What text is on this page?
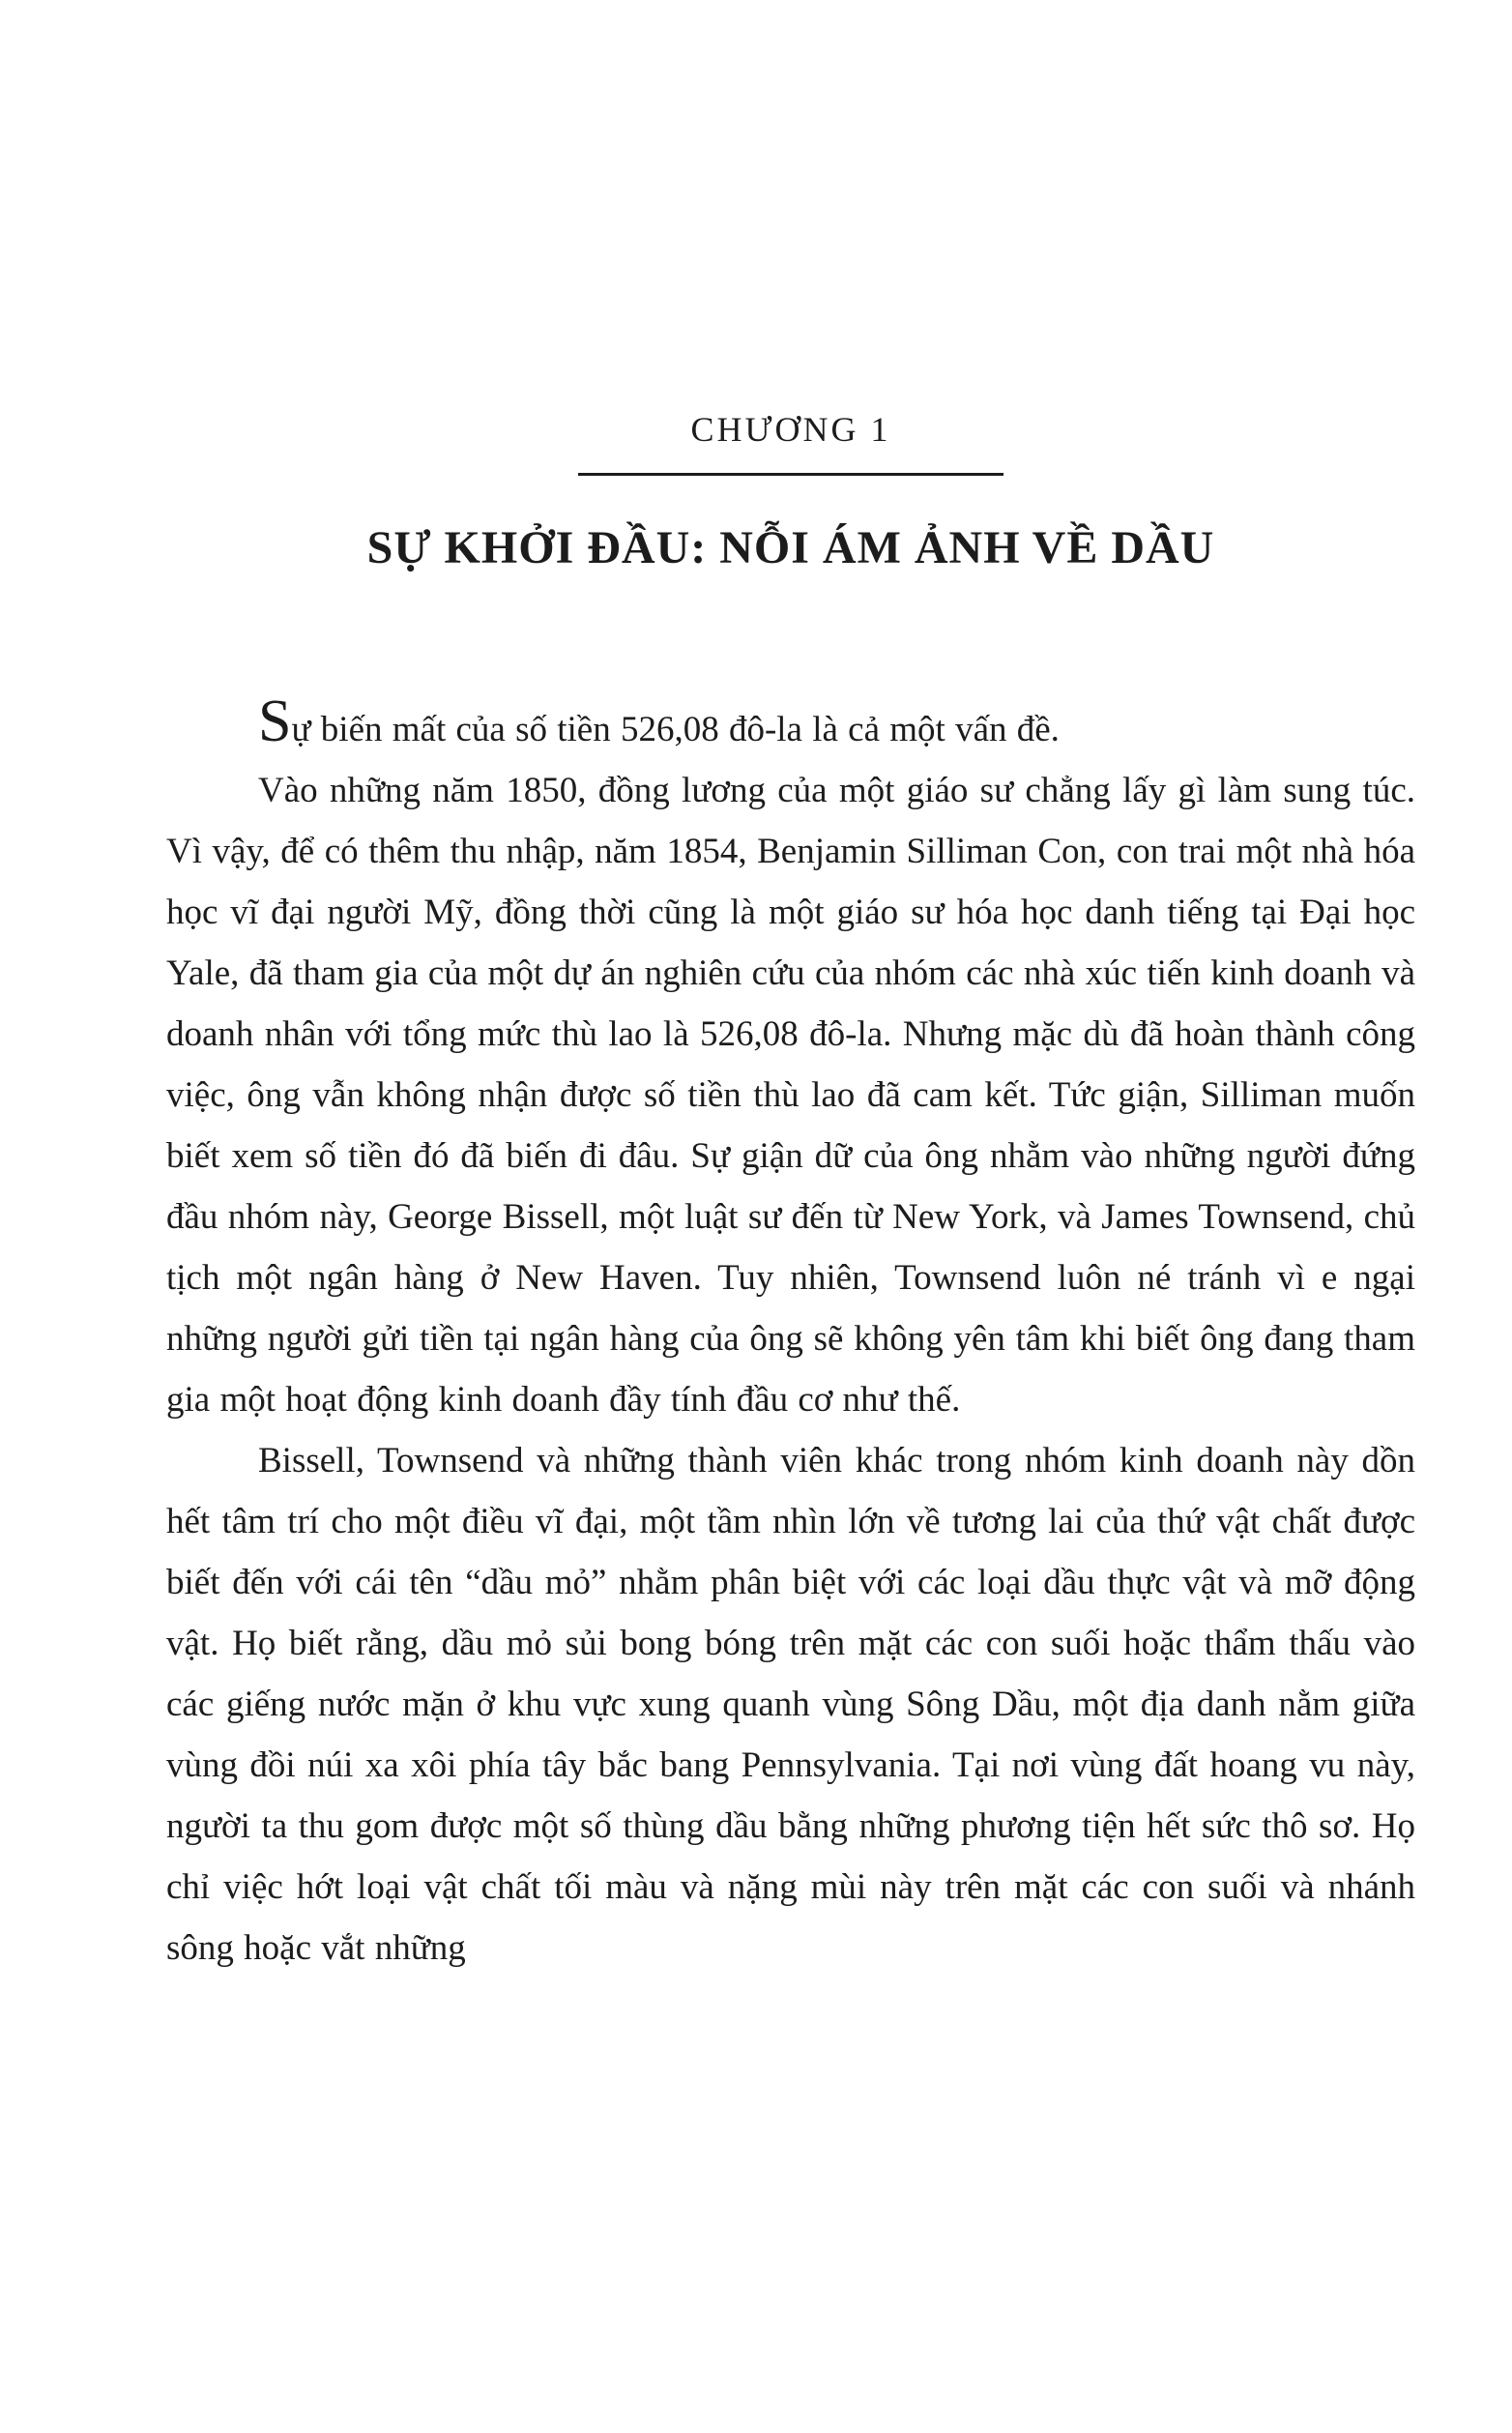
CHƯƠNG 1
SỰ KHỞI ĐẦU: NỖI ÁM ẢNH VỀ DẦU

Sự biến mất của số tiền 526,08 đô-la là cả một vấn đề.

Vào những năm 1850, đồng lương của một giáo sư chẳng lấy gì làm sung túc. Vì vậy, để có thêm thu nhập, năm 1854, Benjamin Silliman Con, con trai một nhà hóa học vĩ đại người Mỹ, đồng thời cũng là một giáo sư hóa học danh tiếng tại Đại học Yale, đã tham gia của một dự án nghiên cứu của nhóm các nhà xúc tiến kinh doanh và doanh nhân với tổng mức thù lao là 526,08 đô-la. Nhưng mặc dù đã hoàn thành công việc, ông vẫn không nhận được số tiền thù lao đã cam kết. Tức giận, Silliman muốn biết xem số tiền đó đã biến đi đâu. Sự giận dữ của ông nhằm vào những người đứng đầu nhóm này, George Bissell, một luật sư đến từ New York, và James Townsend, chủ tịch một ngân hàng ở New Haven. Tuy nhiên, Townsend luôn né tránh vì e ngại những người gửi tiền tại ngân hàng của ông sẽ không yên tâm khi biết ông đang tham gia một hoạt động kinh doanh đầy tính đầu cơ như thế.

Bissell, Townsend và những thành viên khác trong nhóm kinh doanh này dồn hết tâm trí cho một điều vĩ đại, một tầm nhìn lớn về tương lai của thứ vật chất được biết đến với cái tên “dầu mỏ” nhằm phân biệt với các loại dầu thực vật và mỡ động vật. Họ biết rằng, dầu mỏ sủi bong bóng trên mặt các con suối hoặc thẩm thấu vào các giếng nước mặn ở khu vực xung quanh vùng Sông Dầu, một địa danh nằm giữa vùng đồi núi xa xôi phía tây bắc bang Pennsylvania. Tại nơi vùng đất hoang vu này, người ta thu gom được một số thùng dầu bằng những phương tiện hết sức thô sơ. Họ chỉ việc hớt loại vật chất tối màu và nặng mùi này trên mặt các con suối và nhánh sông hoặc vắt những
